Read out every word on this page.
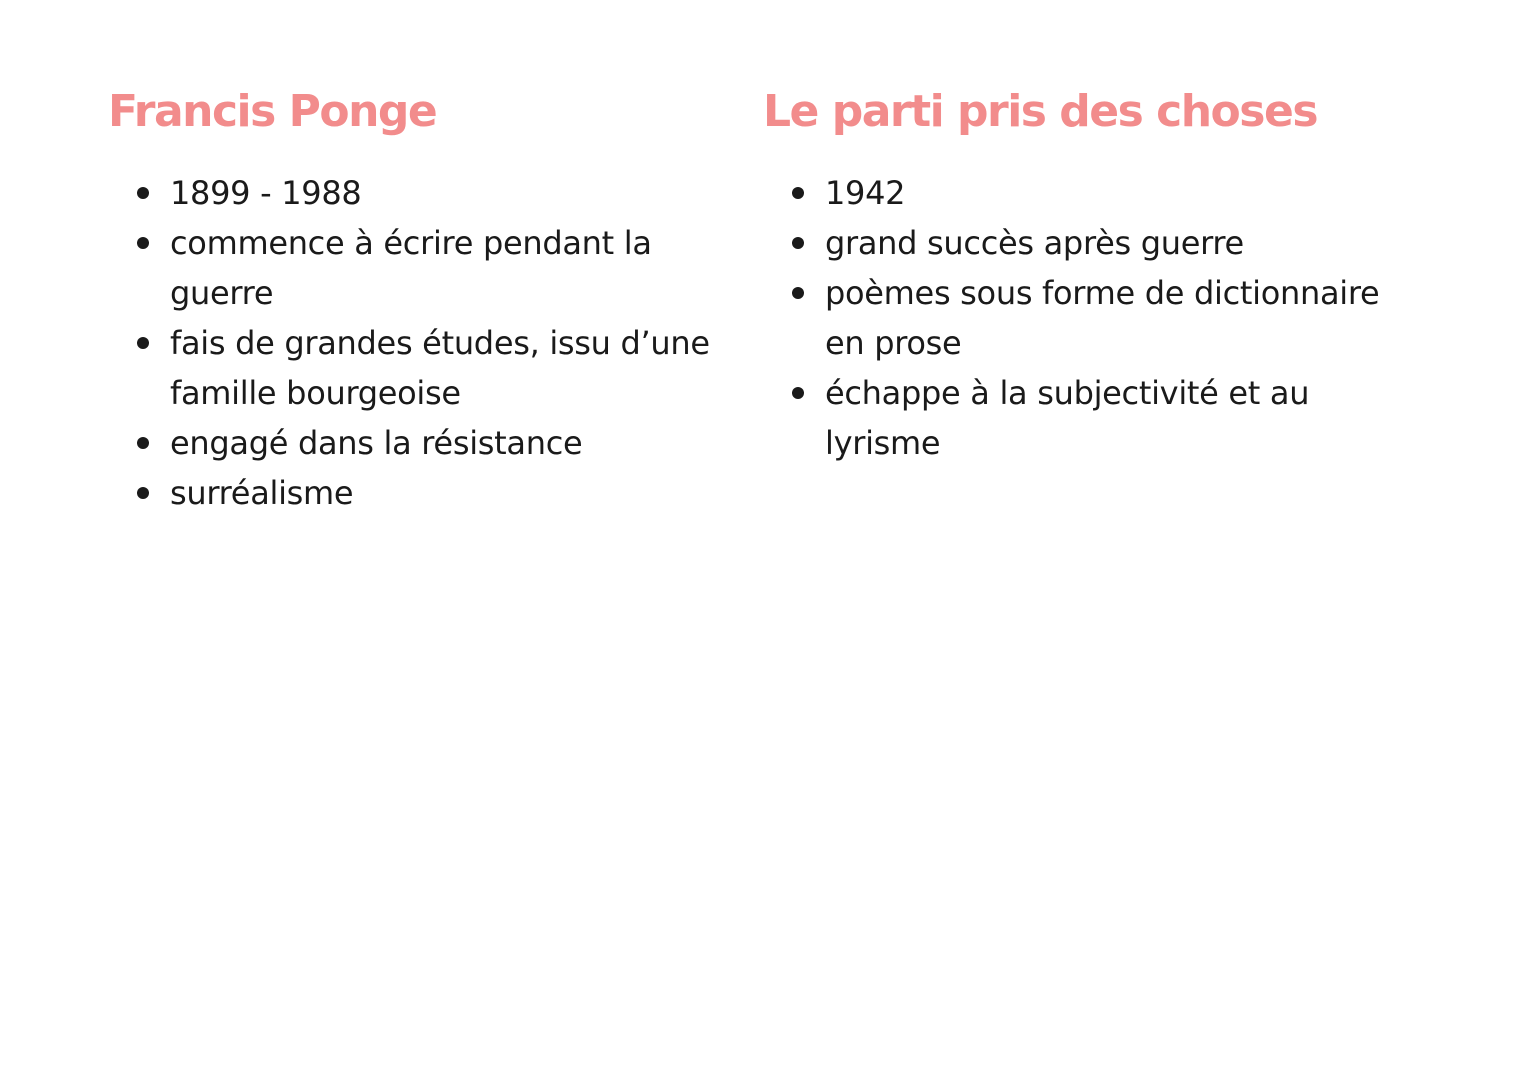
Francis Ponge
1899 - 1988
commence à écrire pendant la guerre
fais de grandes études, issu d’une famille bourgeoise
engagé dans la résistance
surréalisme
Le parti pris des choses
1942
grand succès après guerre
poèmes sous forme de dictionnaire en prose
échappe à la subjectivité et au lyrisme
